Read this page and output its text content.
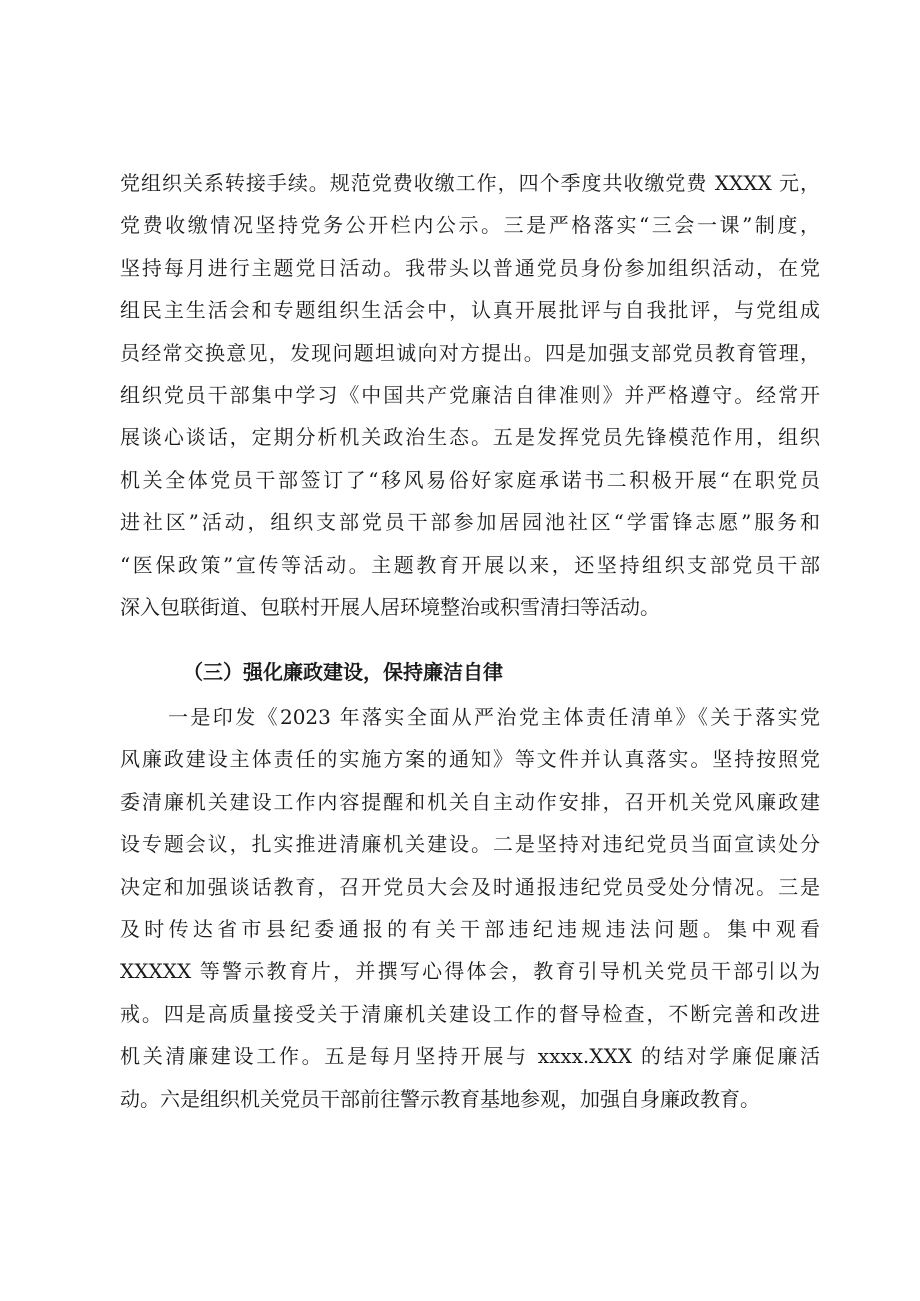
党组织关系转接手续。规范党费收缴工作，四个季度共收缴党费 XXXX 元，
党费收缴情况坚持党务公开栏内公示。三是严格落实“三会一课”制度，
坚持每月进行主题党日活动。我带头以普通党员身份参加组织活动，在党
组民主生活会和专题组织生活会中，认真开展批评与自我批评，与党组成
员经常交换意见，发现问题坦诚向对方提出。四是加强支部党员教育管理，
组织党员干部集中学习《中国共产党廉洁自律准则》并严格遵守。经常开
展谈心谈话，定期分析机关政治生态。五是发挥党员先锋模范作用，组织
机关全体党员干部签订了“移风易俗好家庭承诺书二积极开展“在职党员
进社区”活动，组织支部党员干部参加居园池社区“学雷锋志愿”服务和
“医保政策”宣传等活动。主题教育开展以来，还坚持组织支部党员干部
深入包联街道、包联村开展人居环境整治或积雪清扫等活动。
（三）强化廉政建设，保持廉洁自律
一是印发《2023 年落实全面从严治党主体责任清单》《关于落实党
风廉政建设主体责任的实施方案的通知》等文件并认真落实。坚持按照党
委清廉机关建设工作内容提醒和机关自主动作安排，召开机关党风廉政建
设专题会议，扎实推进清廉机关建设。二是坚持对违纪党员当面宣读处分
决定和加强谈话教育，召开党员大会及时通报违纪党员受处分情况。三是
及时传达省市县纪委通报的有关干部违纪违规违法问题。集中观看
XXXXX 等警示教育片，并撰写心得体会，教育引导机关党员干部引以为
戒。四是高质量接受关于清廉机关建设工作的督导检查，不断完善和改进
机关清廉建设工作。五是每月坚持开展与 xxxx.XXX 的结对学廉促廉活
动。六是组织机关党员干部前往警示教育基地参观，加强自身廉政教育。
